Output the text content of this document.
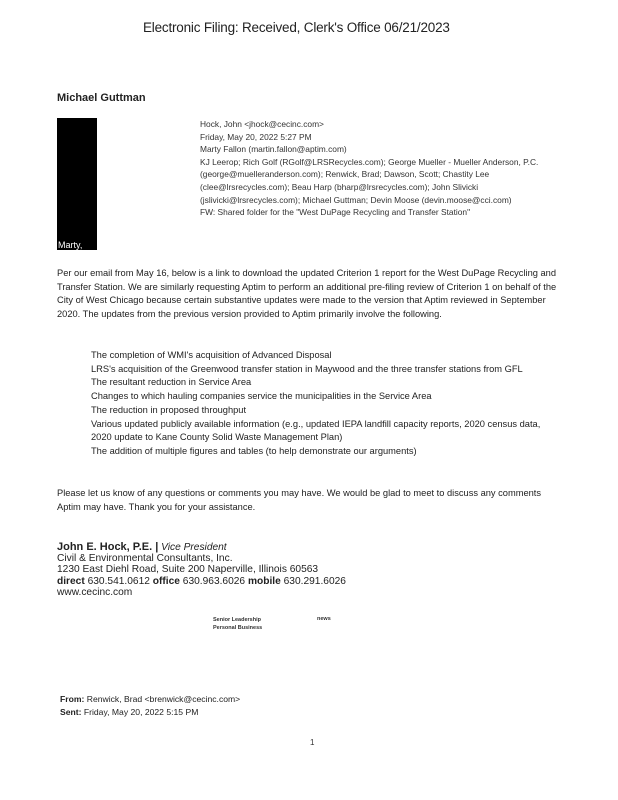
Electronic Filing: Received, Clerk's Office 06/21/2023
Michael Guttman
Marty,
Hock, John <jhock@cecinc.com>
Friday, May 20, 2022 5:27 PM
Marty Fallon (martin.fallon@aptim.com)
KJ Leerop; Rich Golf (RGolf@LRSRecycles.com); George Mueller - Mueller Anderson, P.C.
(george@muelleranderson.com); Renwick, Brad; Dawson, Scott; Chastity Lee
(clee@lrsrecycles.com); Beau Harp (bharp@lrsrecycles.com); John Slivicki
(jslivicki@lrsrecycles.com); Michael Guttman; Devin Moose (devin.moose@cci.com)
FW: Shared folder for the "West DuPage Recycling and Transfer Station"
Per our email from May 16, below is a link to download the updated Criterion 1 report for the West DuPage Recycling and Transfer Station. We are similarly requesting Aptim to perform an additional pre-filing review of Criterion 1 on behalf of the City of West Chicago because certain substantive updates were made to the version that Aptim reviewed in September 2020. The updates from the previous version provided to Aptim primarily involve the following.
The completion of WMI's acquisition of Advanced Disposal
LRS's acquisition of the Greenwood transfer station in Maywood and the three transfer stations from GFL
The resultant reduction in Service Area
Changes to which hauling companies service the municipalities in the Service Area
The reduction in proposed throughput
Various updated publicly available information (e.g., updated IEPA landfill capacity reports, 2020 census data, 2020 update to Kane County Solid Waste Management Plan)
The addition of multiple figures and tables (to help demonstrate our arguments)
Please let us know of any questions or comments you may have. We would be glad to meet to discuss any comments Aptim may have. Thank you for your assistance.
John E. Hock, P.E. | Vice President
Civil & Environmental Consultants, Inc.
1230 East Diehl Road, Suite 200 Naperville, Illinois 60563
direct 630.541.0612 office 630.963.6026 mobile 630.291.6026
www.cecinc.com
Senior Leadership
Personal Business
news
From: Renwick, Brad <brenwick@cecinc.com>
Sent: Friday, May 20, 2022 5:15 PM
1
